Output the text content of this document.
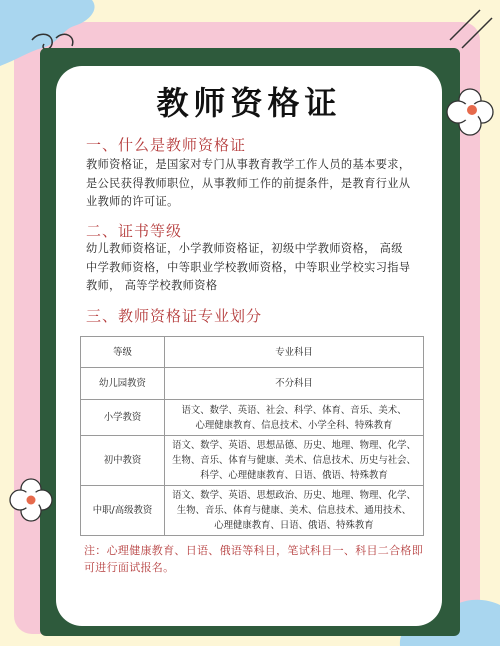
教师资格证
一、什么是教师资格证
教师资格证，是国家对专门从事教育教学工作人员的基本要求，
是公民获得教师职位，从事教师工作的前提条件，是教育行业从
业教师的许可证。
二、证书等级
幼儿教师资格证，小学教师资格证，初级中学教师资格， 高级
中学教师资格，中等职业学校教师资格，中等职业学校实习指导
教师， 高等学校教师资格
三、教师资格证专业划分
等级	专业科目
幼儿园教资	不分科目

小学教资	语文、数学、英语、社会、科学、体育、音乐、美术、
心理健康教育、信息技术、小学全科、特殊教育

初中教资	语文、数学、英语、思想品德、历史、地理、物理、化学、
生物、音乐、体育与健康、美术、信息技术、历史与社会、
科学、心理健康教育、日语、俄语、特殊教育

中职/高级教资	语文、数学、英语、思想政治、历史、地理、物理、化学、
生物、音乐、体育与健康、美术、信息技术、通用技术、
心理健康教育、日语、俄语、特殊教育
注：心理健康教育、日语、俄语等科目，笔试科目一、科目二合格即
可进行面试报名。
